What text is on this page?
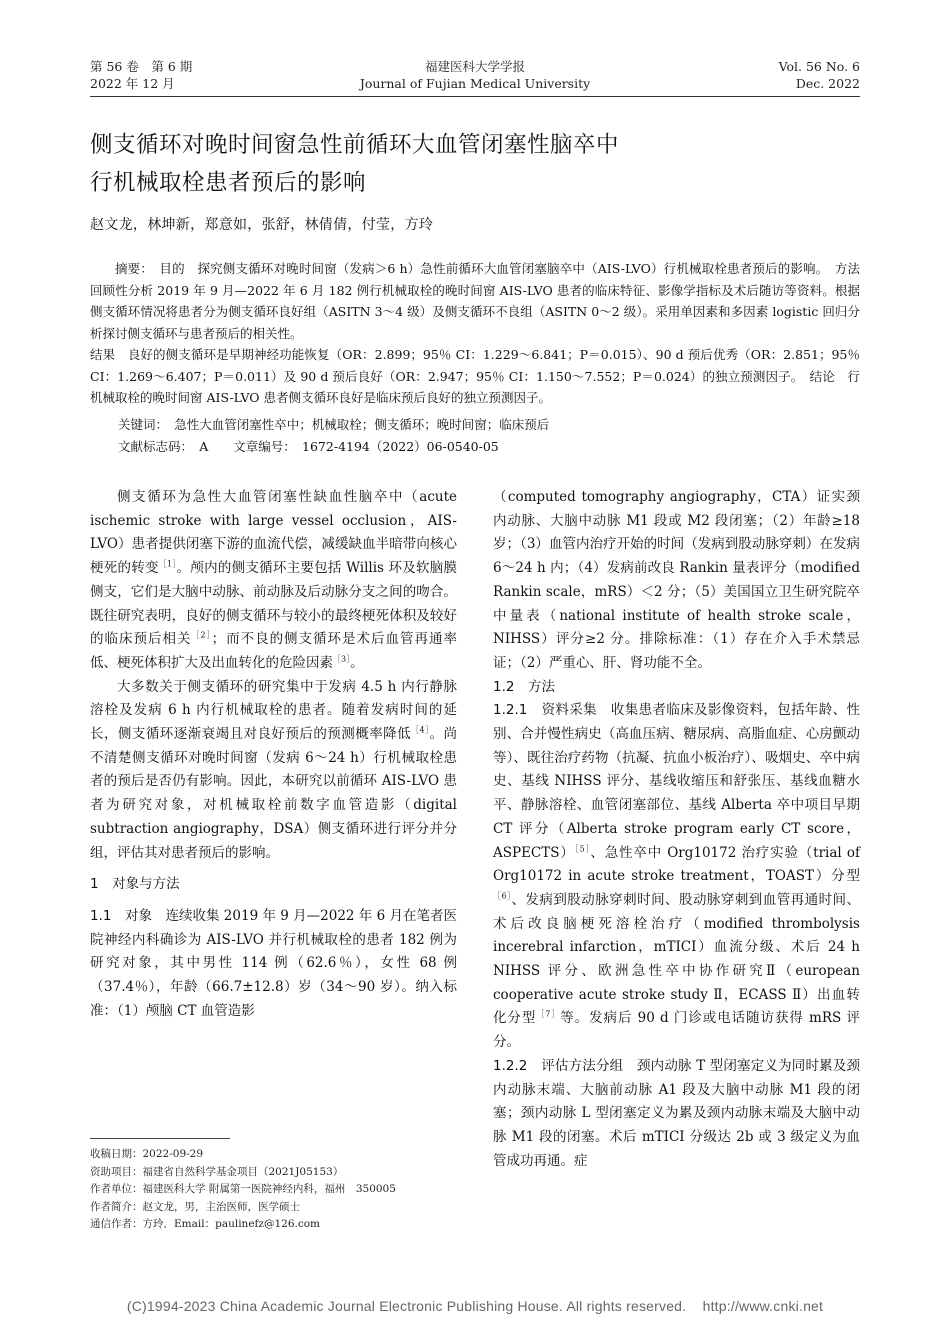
第 56 卷　第 6 期
2022 年 12 月
福建医科大学学报
Journal of Fujian Medical University
Vol. 56 No. 6
Dec. 2022
侧支循环对晚时间窗急性前循环大血管闭塞性脑卒中
行机械取栓患者预后的影响
赵文龙，林坤新，郑意如，张舒，林倩倩，付莹，方玲

摘要：　目的　探究侧支循环对晚时间窗（发病＞6 h）急性前循环大血管闭塞脑卒中（AIS-LVO）行机械取栓患者预后的影响。　方法　回顾性分析 2019 年 9 月—2022 年 6 月 182 例行机械取栓的晚时间窗 AIS-LVO 患者的临床特征、影像学指标及术后随访等资料。根据侧支循环情况将患者分为侧支循环良好组（ASITN 3～4 级）及侧支循环不良组（ASITN 0～2 级）。采用单因素和多因素 logistic 回归分析探讨侧支循环与患者预后的相关性。

结果　良好的侧支循环是早期神经功能恢复（OR：2.899；95％ CI：1.229～6.841；P＝0.015）、90 d 预后优秀（OR：2.851；95％ CI：1.269～6.407；P＝0.011）及 90 d 预后良好（OR：2.947；95％ CI：1.150～7.552；P＝0.024）的独立预测因子。　结论　行机械取栓的晚时间窗 AIS-LVO 患者侧支循环良好是临床预后良好的独立预测因子。

关键词：　急性大血管闭塞性卒中；机械取栓；侧支循环；晚时间窗；临床预后
文献标志码：　A　　文章编号：　1672-4194（2022）06-0540-05

侧支循环为急性大血管闭塞性缺血性脑卒中（acute ischemic stroke with large vessel occlusion，AIS-LVO）患者提供闭塞下游的血流代偿，减缓缺血半暗带向核心梗死的转变$^{[1]}$。颅内的侧支循环主要包括 Willis 环及软脑膜侧支，它们是大脑中动脉、前动脉及后动脉分支之间的吻合。既往研究表明，良好的侧支循环与较小的最终梗死体积及较好的临床预后相关$^{[2]}$；而不良的侧支循环是术后血管再通率低、梗死体积扩大及出血转化的危险因素$^{[3]}$。

大多数关于侧支循环的研究集中于发病 4.5 h 内行静脉溶栓及发病 6 h 内行机械取栓的患者。随着发病时间的延长，侧支循环逐渐衰竭且对良好预后的预测概率降低$^{[4]}$。尚不清楚侧支循环对晚时间窗（发病 6～24 h）行机械取栓患者的预后是否仍有影响。因此，本研究以前循环 AIS-LVO 患者为研究对象，对机械取栓前数字血管造影（digital subtraction angiography，DSA）侧支循环进行评分并分组，评估其对患者预后的影响。

1　对象与方法

1.1　对象　 连续收集 2019 年 9 月—2022 年 6 月在笔者医院神经内科确诊为 AIS-LVO 并行机械取栓的患者 182 例为研究对象，其中男性 114 例（62.6％），女性 68 例（37.4％），年龄（66.7±12.8）岁（34～90 岁）。纳入标准：（1）颅脑 CT 血管造影

（computed tomography angiography，CTA）证实颈内动脉、大脑中动脉 M1 段或 M2 段闭塞；（2）年龄≥18 岁；（3）血管内治疗开始的时间（发病到股动脉穿刺）在发病 6～24 h 内；（4）发病前改良 Rankin 量表评分（modified Rankin scale，mRS）＜2 分；（5）美国国立卫生研究院卒中量表（national institute of health stroke scale，NIHSS）评分≥2 分。排除标准：（1）存在介入手术禁忌证；（2）严重心、肝、肾功能不全。

1.2　方法

1.2.1　资料采集　 收集患者临床及影像资料，包括年龄、性别、合并慢性病史（高血压病、糖尿病、高脂血症、心房颤动等）、既往治疗药物（抗凝、抗血小板治疗）、吸烟史、卒中病史、基线 NIHSS 评分、基线收缩压和舒张压、基线血糖水平、静脉溶栓、血管闭塞部位、基线 Alberta 卒中项目早期 CT 评分（Alberta stroke program early CT score，ASPECTS）$^{[5]}$、急性卒中 Org10172 治疗实验（trial of Org10172 in acute stroke treatment，TOAST）分型$^{[6]}$、发病到股动脉穿刺时间、股动脉穿刺到血管再通时间、术后改良脑梗死溶栓治疗（modified thrombolysis incerebral infarction，mTICI）血流分级、术后 24 h NIHSS 评分、欧洲急性卒中协作研究Ⅱ（european cooperative acute stroke study Ⅱ，ECASS Ⅱ）出血转化分型$^{[7]}$等。发病后 90 d 门诊或电话随访获得 mRS 评分。

1.2.2　评估方法分组　 颈内动脉 T 型闭塞定义为同时累及颈内动脉末端、大脑前动脉 A1 段及大脑中动脉 M1 段的闭塞；颈内动脉 L 型闭塞定义为累及颈内动脉末端及大脑中动脉 M1 段的闭塞。术后 mTICI 分级达 2b 或 3 级定义为血管成功再通。症

收稿日期：2022-09-29
资助项目：福建省自然科学基金项目（2021J05153）
作者单位：福建医科大学 附属第一医院神经内科，福州　350005
作者简介：赵文龙，男，主治医师，医学硕士
通信作者：方玲．Email：paulinefz@126.com
(C)1994-2023 China Academic Journal Electronic Publishing House. All rights reserved.    http://www.cnki.net
